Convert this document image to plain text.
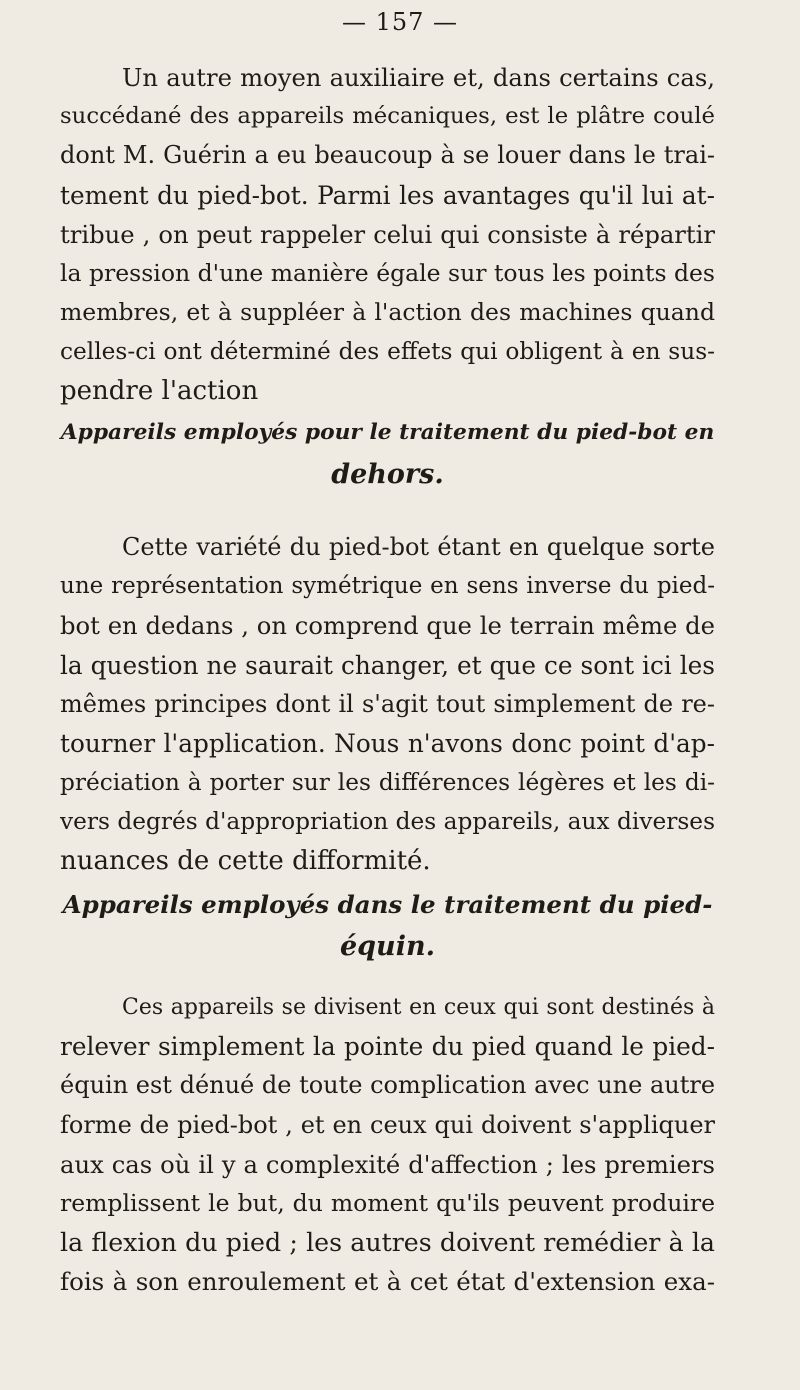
— 157 —
Un autre moyen auxiliaire et, dans certains cas,
succédané des appareils mécaniques, est le plâtre coulé
dont M. Guérin a eu beaucoup à se louer dans le trai-
tement du pied-bot. Parmi les avantages qu'il lui at-
tribue , on peut rappeler celui qui consiste à répartir
la pression d'une manière égale sur tous les points des
membres, et à suppléer à l'action des machines quand
celles-ci ont déterminé des effets qui obligent à en sus-
pendre l'action
Appareils employés pour le traitement du pied-bot en
dehors.
Cette variété du pied-bot étant en quelque sorte
une représentation symétrique en sens inverse du pied-
bot en dedans , on comprend que le terrain même de
la question ne saurait changer, et que ce sont ici les
mêmes principes dont il s'agit tout simplement de re-
tourner l'application. Nous n'avons donc point d'ap-
préciation à porter sur les différences légères et les di-
vers degrés d'appropriation des appareils, aux diverses
nuances de cette difformité.
Appareils employés dans le traitement du pied-
équin.
Ces appareils se divisent en ceux qui sont destinés à
relever simplement la pointe du pied quand le pied-
équin est dénué de toute complication avec une autre
forme de pied-bot , et en ceux qui doivent s'appliquer
aux cas où il y a complexité d'affection ; les premiers
remplissent le but, du moment qu'ils peuvent produire
la flexion du pied ; les autres doivent remédier à la
fois à son enroulement et à cet état d'extension exa-
